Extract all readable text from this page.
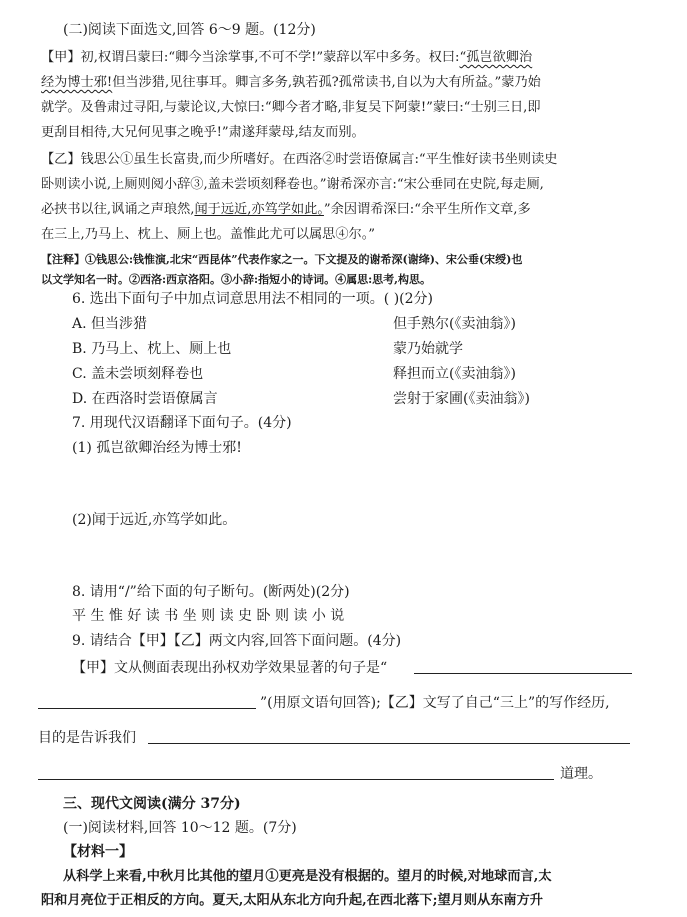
(二)阅读下面选文,回答 6～9 题。(12分)
【甲】初,权谓吕蒙曰:“卿今当涂掌事,不可不学!”蒙辞以军中多务。权曰:“孤岂欲卿治
经为博士邪!但当涉猎,见往事耳。卿言多务,孰若孤?孤常读书,自以为大有所益。”蒙乃始
就学。及鲁肃过寻阳,与蒙论议,大惊曰:“卿今者才略,非复吴下阿蒙!”蒙曰:“士别三日,即
更刮目相待,大兄何见事之晚乎!”肃遂拜蒙母,结友而别。
【乙】钱思公①虽生长富贵,而少所嗜好。在西洛②时尝语僚属言:“平生惟好读书坐则读史
卧则读小说,上厕则阅小辞③,盖未尝顷刻释卷也。”谢希深亦言:“宋公垂同在史院,每走厕,
必挟书以往,讽诵之声琅然,闻于远近,亦笃学如此。”余因谓希深曰:“余平生所作文章,多
在三上,乃马上、枕上、厕上也。盖惟此尤可以属思④尔。”
【注释】①钱思公:钱惟演,北宋“西昆体”代表作家之一。下文提及的谢希深(谢绛)、宋公垂(宋绶)也
以文学知名一时。②西洛:西京洛阳。③小辞:指短小的诗词。④属思:思考,构思。
6. 选出下面句子中加点词意思用法不相同的一项。( )(2分)
A. 但当涉猎	但手熟尔(《卖油翁》)
B. 乃马上、枕上、厕上也	蒙乃始就学
C. 盖未尝顷刻释卷也	释担而立(《卖油翁》)
D. 在西洛时尝语僚属言	尝射于家圃(《卖油翁》)
7. 用现代汉语翻译下面句子。(4分)
(1) 孤岂欲卿治经为博士邪!
(2)闻于远近,亦笃学如此。
8. 请用“/”给下面的句子断句。(断两处)(2分)
平 生 惟 好 读 书 坐 则 读 史 卧 则 读 小 说
9. 请结合【甲】【乙】两文内容,回答下面问题。(4分)
【甲】文从侧面表现出孙权劝学效果显著的句子是“
”(用原文语句回答);【乙】文写了自己“三上”的写作经历,
目的是告诉我们
道理。
三、现代文阅读(满分 37分)
(一)阅读材料,回答 10～12 题。(7分)
【材料一】
从科学上来看,中秋月比其他的望月①更亮是没有根据的。望月的时候,对地球而言,太
阳和月亮位于正相反的方向。夏天,太阳从东北方向升起,在西北落下;望月则从东南方升
